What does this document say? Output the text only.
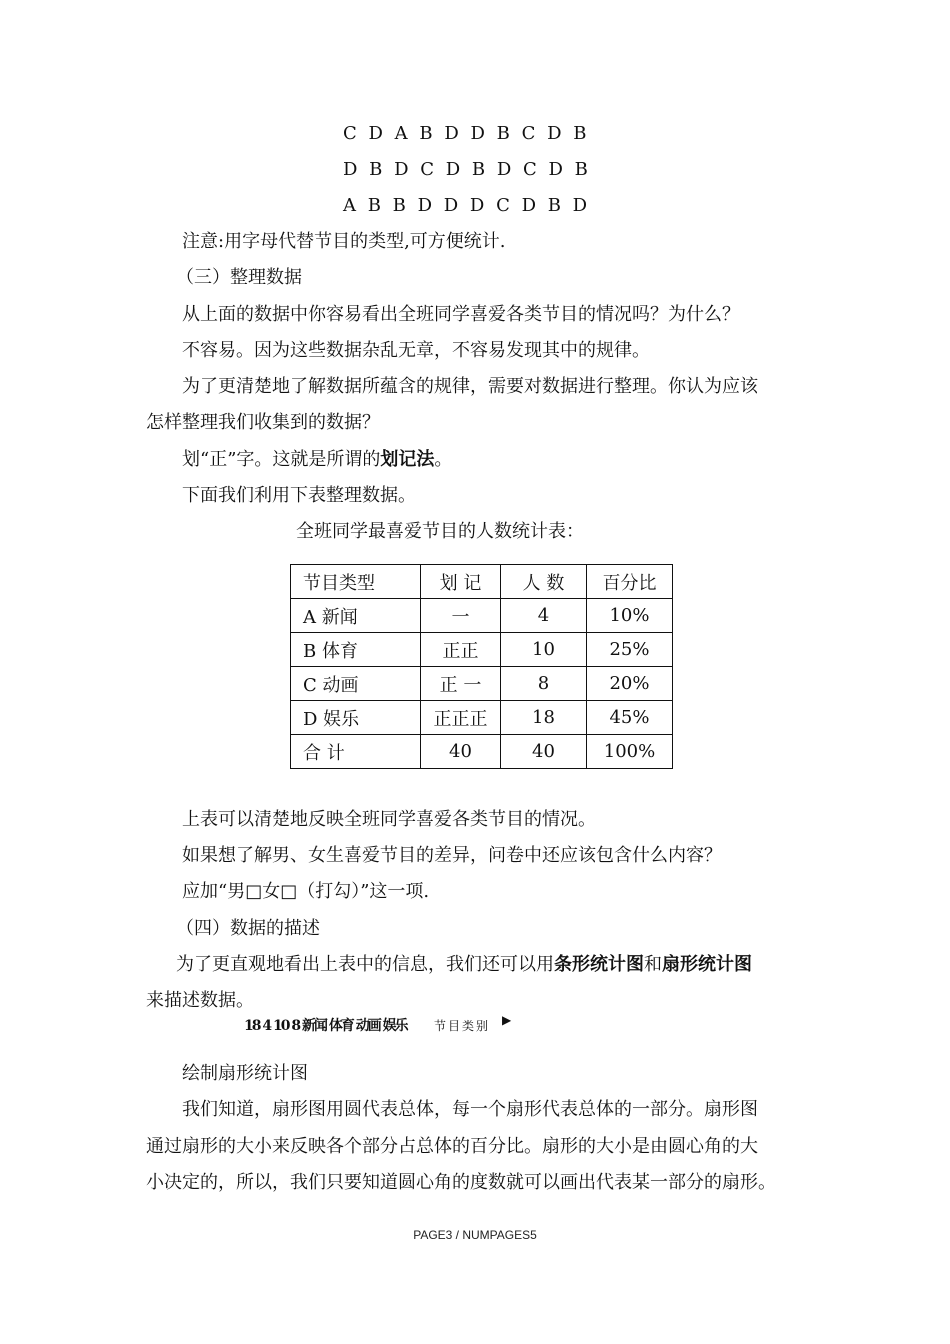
C D A B D D B C D B
D B D C D B D C D B
A B B D D D C D B D
注意:用字母代替节目的类型,可方便统计.
（三）整理数据
从上面的数据中你容易看出全班同学喜爱各类节目的情况吗？为什么？
不容易。因为这些数据杂乱无章，不容易发现其中的规律。
为了更清楚地了解数据所蕴含的规律，需要对数据进行整理。你认为应该
怎样整理我们收集到的数据？
划“正”字。这就是所谓的划记法。
下面我们利用下表整理数据。
全班同学最喜爱节目的人数统计表：
节目类型	划 记	人 数	百分比
A 新闻	一	4	10%
B 体育	正正	10	25%
C 动画	正 一	8	20%
D 娱乐	正正正	18	45%
合 计	40	40	100%
上表可以清楚地反映全班同学喜爱各类节目的情况。
如果想了解男、女生喜爱节目的差异，问卷中还应该包含什么内容？
应加“男□女□（打勾）”这一项.
（四）数据的描述
为了更直观地看出上表中的信息，我们还可以用条形统计图和扇形统计图
来描述数据。
18 4 10 8 新闻 体育 动画 娱乐 节目类别 ▶
绘制扇形统计图
我们知道，扇形图用圆代表总体，每一个扇形代表总体的一部分。扇形图
通过扇形的大小来反映各个部分占总体的百分比。扇形的大小是由圆心角的大
小决定的，所以，我们只要知道圆心角的度数就可以画出代表某一部分的扇形。
PAGE3 / NUMPAGES5
